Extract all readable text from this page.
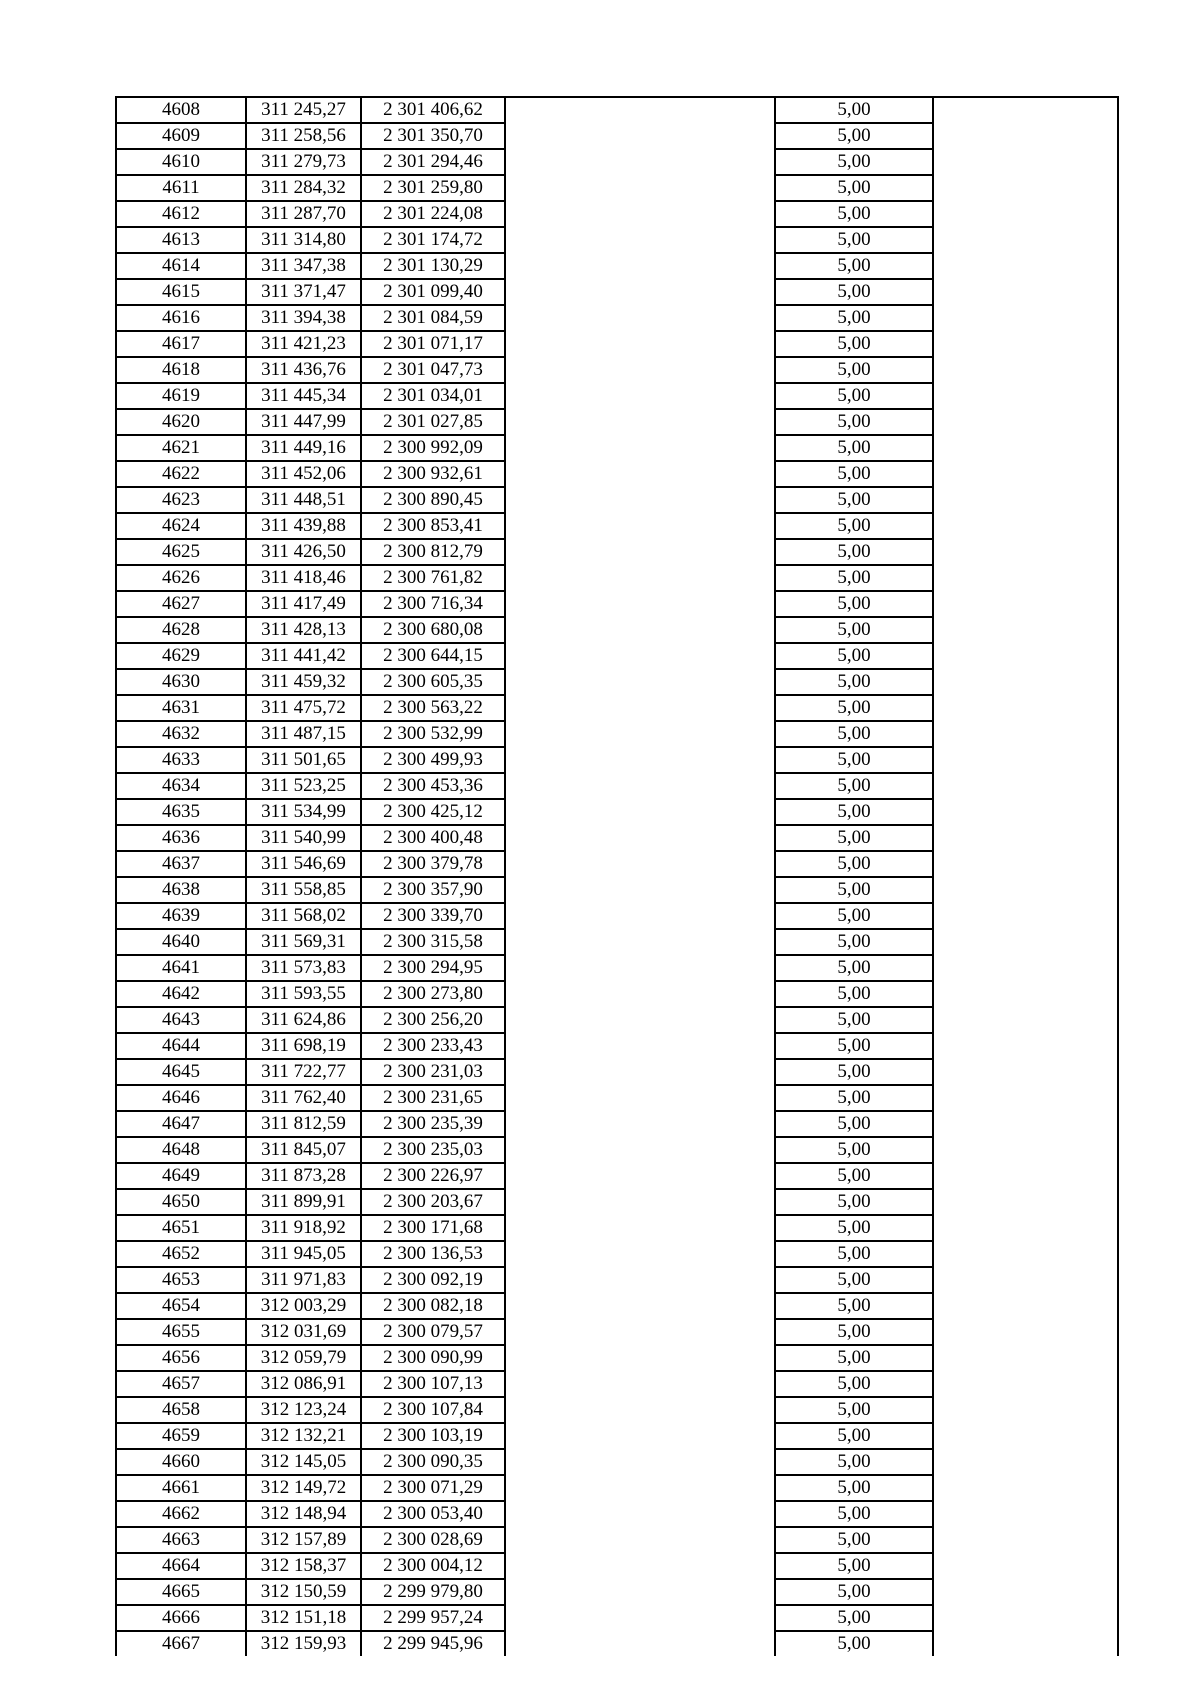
4608	311 245,27	2 301 406,62		5,00	
4609	311 258,56	2 301 350,70		5,00	
4610	311 279,73	2 301 294,46		5,00	
4611	311 284,32	2 301 259,80		5,00	
4612	311 287,70	2 301 224,08		5,00	
4613	311 314,80	2 301 174,72		5,00	
4614	311 347,38	2 301 130,29		5,00	
4615	311 371,47	2 301 099,40		5,00	
4616	311 394,38	2 301 084,59		5,00	
4617	311 421,23	2 301 071,17		5,00	
4618	311 436,76	2 301 047,73		5,00	
4619	311 445,34	2 301 034,01		5,00	
4620	311 447,99	2 301 027,85		5,00	
4621	311 449,16	2 300 992,09		5,00	
4622	311 452,06	2 300 932,61		5,00	
4623	311 448,51	2 300 890,45		5,00	
4624	311 439,88	2 300 853,41		5,00	
4625	311 426,50	2 300 812,79		5,00	
4626	311 418,46	2 300 761,82		5,00	
4627	311 417,49	2 300 716,34		5,00	
4628	311 428,13	2 300 680,08		5,00	
4629	311 441,42	2 300 644,15		5,00	
4630	311 459,32	2 300 605,35		5,00	
4631	311 475,72	2 300 563,22		5,00	
4632	311 487,15	2 300 532,99		5,00	
4633	311 501,65	2 300 499,93		5,00	
4634	311 523,25	2 300 453,36		5,00	
4635	311 534,99	2 300 425,12		5,00	
4636	311 540,99	2 300 400,48		5,00	
4637	311 546,69	2 300 379,78		5,00	
4638	311 558,85	2 300 357,90		5,00	
4639	311 568,02	2 300 339,70		5,00	
4640	311 569,31	2 300 315,58		5,00	
4641	311 573,83	2 300 294,95		5,00	
4642	311 593,55	2 300 273,80		5,00	
4643	311 624,86	2 300 256,20		5,00	
4644	311 698,19	2 300 233,43		5,00	
4645	311 722,77	2 300 231,03		5,00	
4646	311 762,40	2 300 231,65		5,00	
4647	311 812,59	2 300 235,39		5,00	
4648	311 845,07	2 300 235,03		5,00	
4649	311 873,28	2 300 226,97		5,00	
4650	311 899,91	2 300 203,67		5,00	
4651	311 918,92	2 300 171,68		5,00	
4652	311 945,05	2 300 136,53		5,00	
4653	311 971,83	2 300 092,19		5,00	
4654	312 003,29	2 300 082,18		5,00	
4655	312 031,69	2 300 079,57		5,00	
4656	312 059,79	2 300 090,99		5,00	
4657	312 086,91	2 300 107,13		5,00	
4658	312 123,24	2 300 107,84		5,00	
4659	312 132,21	2 300 103,19		5,00	
4660	312 145,05	2 300 090,35		5,00	
4661	312 149,72	2 300 071,29		5,00	
4662	312 148,94	2 300 053,40		5,00	
4663	312 157,89	2 300 028,69		5,00	
4664	312 158,37	2 300 004,12		5,00	
4665	312 150,59	2 299 979,80		5,00	
4666	312 151,18	2 299 957,24		5,00	
4667	312 159,93	2 299 945,96		5,00	
